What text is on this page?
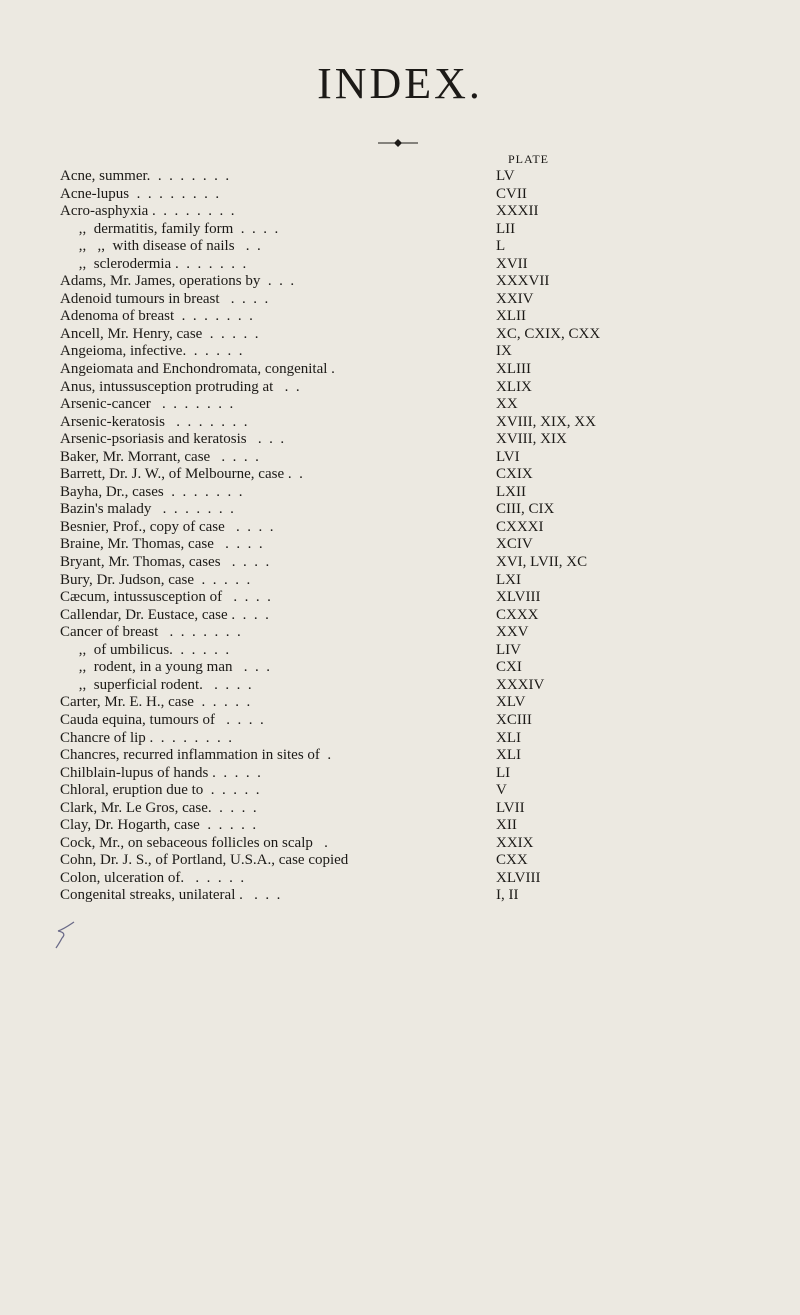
INDEX.
PLATE
Acne, summer.  .  .  .  .  .  .  .	LV
Acne-lupus  .  .  .  .  .  .  .  .	CVII
Acro-asphyxia .  .  .  .  .  .  .  .	XXXII
,,  dermatitis, family form  .  .  .  .	LII
,,   ,,  with disease of nails   .  .	L
,,  sclerodermia .  .  .  .  .  .  .	XVII
Adams, Mr. James, operations by  .  .  .	XXXVII
Adenoid tumours in breast   .  .  .  .	XXIV
Adenoma of breast  .  .  .  .  .  .  .	XLII
Ancell, Mr. Henry, case  .  .  .  .  .	XC, CXIX, CXX
Angeioma, infective.  .  .  .  .  .	IX
Angeiomata and Enchondromata, congenital .	XLIII
Anus, intussusception protruding at   .  .	XLIX
Arsenic-cancer   .  .  .  .  .  .  .	XX
Arsenic-keratosis   .  .  .  .  .  .  .	XVIII, XIX, XX
Arsenic-psoriasis and keratosis   .  .  .	XVIII, XIX
Baker, Mr. Morrant, case   .  .  .  .	LVI
Barrett, Dr. J. W., of Melbourne, case .  .	CXIX
Bayha, Dr., cases  .  .  .  .  .  .  .	LXII
Bazin's malady   .  .  .  .  .  .  .	CIII, CIX
Besnier, Prof., copy of case   .  .  .  .	CXXXI
Braine, Mr. Thomas, case   .  .  .  .	XCIV
Bryant, Mr. Thomas, cases   .  .  .  .	XVI, LVII, XC
Bury, Dr. Judson, case  .  .  .  .  .	LXI
Cæcum, intussusception of   .  .  .  .	XLVIII
Callendar, Dr. Eustace, case .  .  .  .	CXXX
Cancer of breast   .  .  .  .  .  .  .	XXV
,,  of umbilicus.  .  .  .  .  .	LIV
,,  rodent, in a young man   .  .  .	CXI
,,  superficial rodent.   .  .  .  .	XXXIV
Carter, Mr. E. H., case  .  .  .  .  .	XLV
Cauda equina, tumours of   .  .  .  .	XCIII
Chancre of lip .  .  .  .  .  .  .  .	XLI
Chancres, recurred inflammation in sites of  .	XLI
Chilblain-lupus of hands .  .  .  .  .	LI
Chloral, eruption due to  .  .  .  .  .	V
Clark, Mr. Le Gros, case.  .  .  .  .	LVII
Clay, Dr. Hogarth, case  .  .  .  .  .	XII
Cock, Mr., on sebaceous follicles on scalp   .	XXIX
Cohn, Dr. J. S., of Portland, U.S.A., case copied	CXX
Colon, ulceration of.   .  .  .  .  .	XLVIII
Congenital streaks, unilateral .   .  .  .	I, II
